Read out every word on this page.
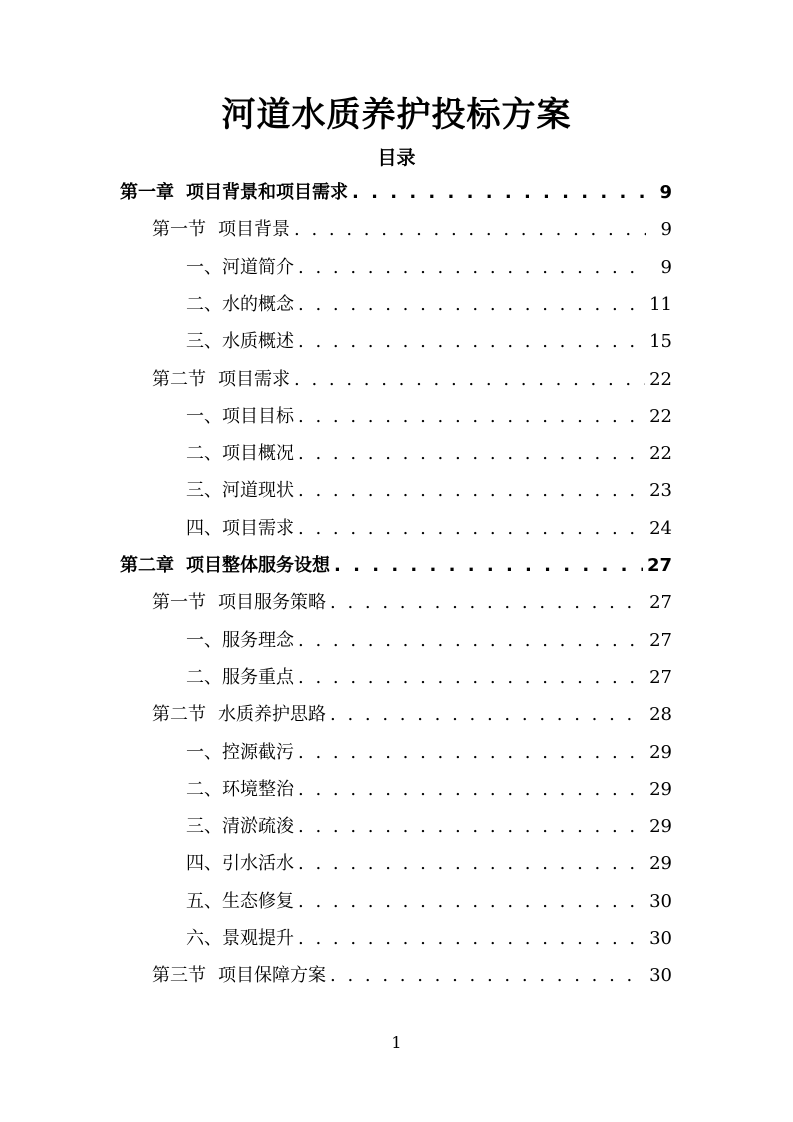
河道水质养护投标方案
目录
第一章 项目背景和项目需求 . . .	9
第一节 项目背景 . . .	9
一、 河道简介 . . .	9
二、 水的概念 . . .	11
三、 水质概述 . . .	15
第二节 项目需求 . . .	22
一、 项目目标 . . .	22
二、 项目概况 . . .	22
三、 河道现状 . . .	23
四、 项目需求 . . .	24
第二章 项目整体服务设想 . . .	27
第一节 项目服务策略 . . .	27
一、 服务理念 . . .	27
二、 服务重点 . . .	27
第二节 水质养护思路 . . .	28
一、 控源截污 . . .	29
二、 环境整治 . . .	29
三、 清淤疏浚 . . .	29
四、 引水活水 . . .	29
五、 生态修复 . . .	30
六、 景观提升 . . .	30
第三节 项目保障方案 . . .	30
1
